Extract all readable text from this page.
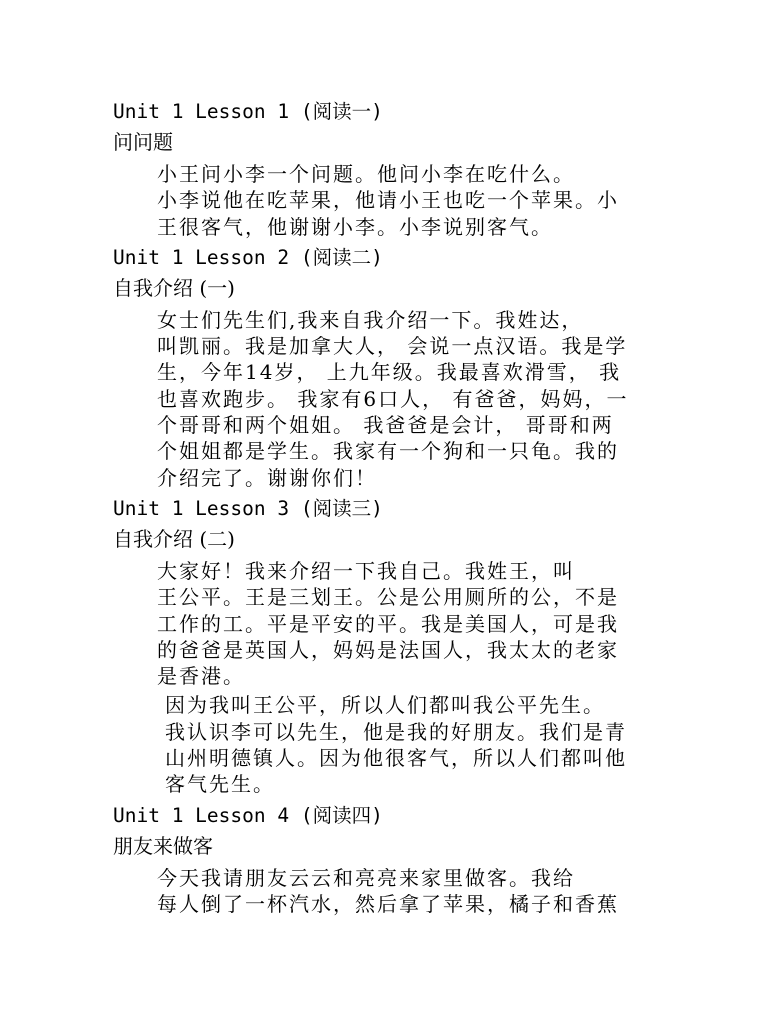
Unit 1 Lesson 1 (阅读一)
问问题
小王问小李一个问题。他问小李在吃什么。
小李说他在吃苹果，他请小王也吃一个苹果。小
王很客气，他谢谢小李。小李说别客气。
Unit 1 Lesson 2 (阅读二)
自我介绍 (一)
女士们先生们,我来自我介绍一下。我姓达，
叫凯丽。我是加拿大人， 会说一点汉语。我是学
生，今年14岁， 上九年级。我最喜欢滑雪， 我
也喜欢跑步。 我家有6口人， 有爸爸，妈妈，一
个哥哥和两个姐姐。 我爸爸是会计， 哥哥和两
个姐姐都是学生。我家有一个狗和一只龟。我的
介绍完了。谢谢你们！
Unit 1 Lesson 3 (阅读三)
自我介绍 (二)
大家好！我来介绍一下我自己。我姓王，叫
王公平。王是三划王。公是公用厕所的公，不是
工作的工。平是平安的平。我是美国人，可是我
的爸爸是英国人，妈妈是法国人，我太太的老家
是香港。
因为我叫王公平，所以人们都叫我公平先生。
我认识李可以先生，他是我的好朋友。我们是青
山州明德镇人。因为他很客气，所以人们都叫他
客气先生。
Unit 1 Lesson 4 (阅读四)
朋友来做客
今天我请朋友云云和亮亮来家里做客。我给
每人倒了一杯汽水，然后拿了苹果，橘子和香蕉
